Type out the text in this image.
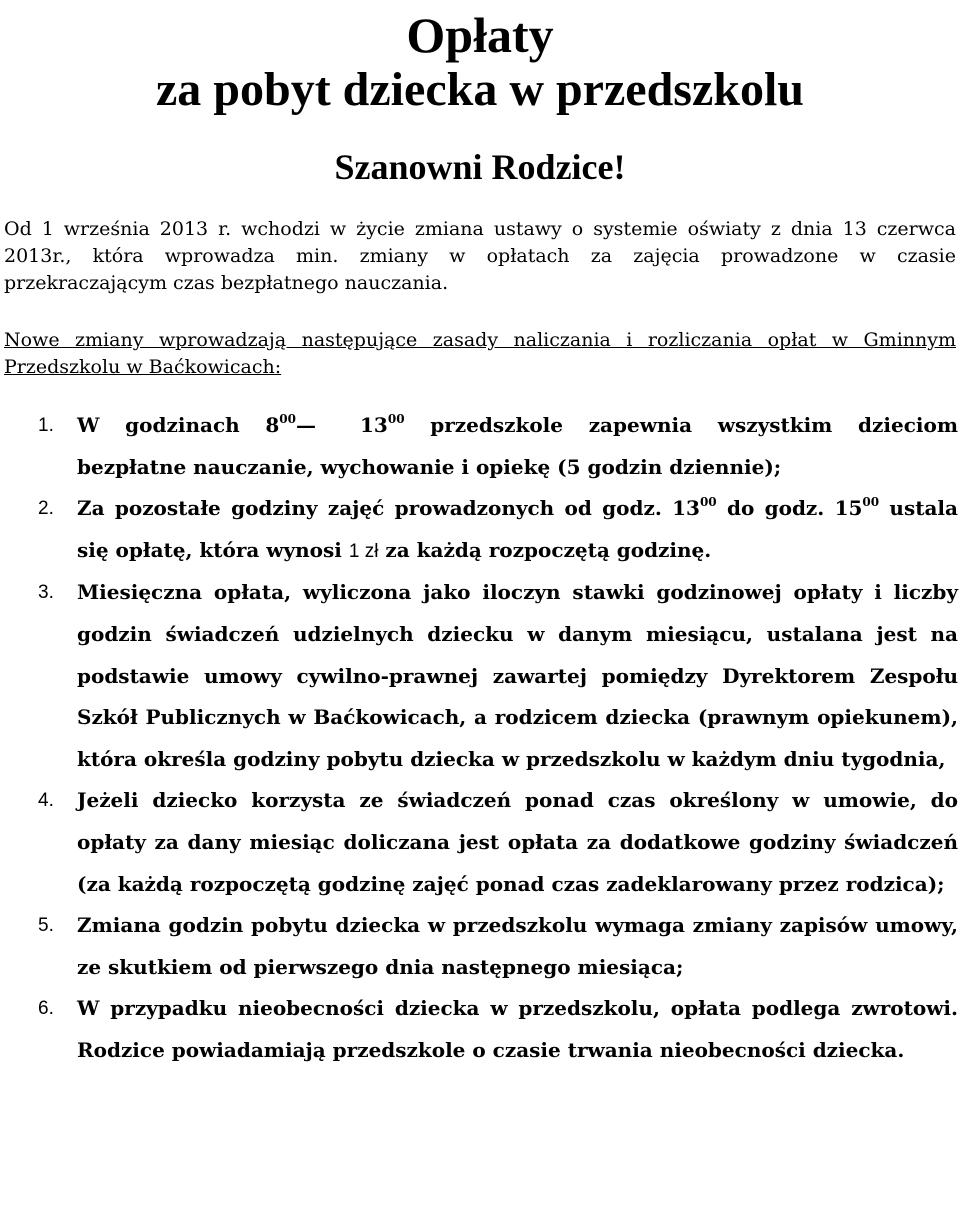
Opłaty
za pobyt dziecka w przedszkolu
Szanowni Rodzice!

Od 1 września 2013 r. wchodzi w życie zmiana ustawy o systemie oświaty z dnia 13 czerwca 2013r., która wprowadza min. zmiany w opłatach za zajęcia prowadzone w czasie przekraczającym czas bezpłatnego nauczania.

Nowe zmiany wprowadzają następujące zasady naliczania i rozliczania opłat w Gminnym Przedszkolu w Baćkowicach:

1. W godzinach $8^{00}—$ $13^{00}$ przedszkole zapewnia wszystkim dzieciom bezpłatne nauczanie, wychowanie i opiekę (5 godzin dziennie);
2. Za pozostałe godziny zajęć prowadzonych od godz. $13^{00}$ do godz. $15^{00}$ ustala się opłatę, która wynosi 1 zł za każdą rozpoczętą godzinę.
3. Miesięczna opłata, wyliczona jako iloczyn stawki godzinowej opłaty i liczby godzin świadczeń udzielnych dziecku w danym miesiącu, ustalana jest na podstawie umowy cywilno-prawnej zawartej pomiędzy Dyrektorem Zespołu Szkół Publicznych w Baćkowicach, a rodzicem dziecka (prawnym opiekunem), która określa godziny pobytu dziecka w przedszkolu w każdym dniu tygodnia,
4. Jeżeli dziecko korzysta ze świadczeń ponad czas określony w umowie, do opłaty za dany miesiąc doliczana jest opłata za dodatkowe godziny świadczeń (za każdą rozpoczętą godzinę zajęć ponad czas zadeklarowany przez rodzica);
5. Zmiana godzin pobytu dziecka w przedszkolu wymaga zmiany zapisów umowy, ze skutkiem od pierwszego dnia następnego miesiąca;
6. W przypadku nieobecności dziecka w przedszkolu, opłata podlega zwrotowi. Rodzice powiadamiają przedszkole o czasie trwania nieobecności dziecka.
